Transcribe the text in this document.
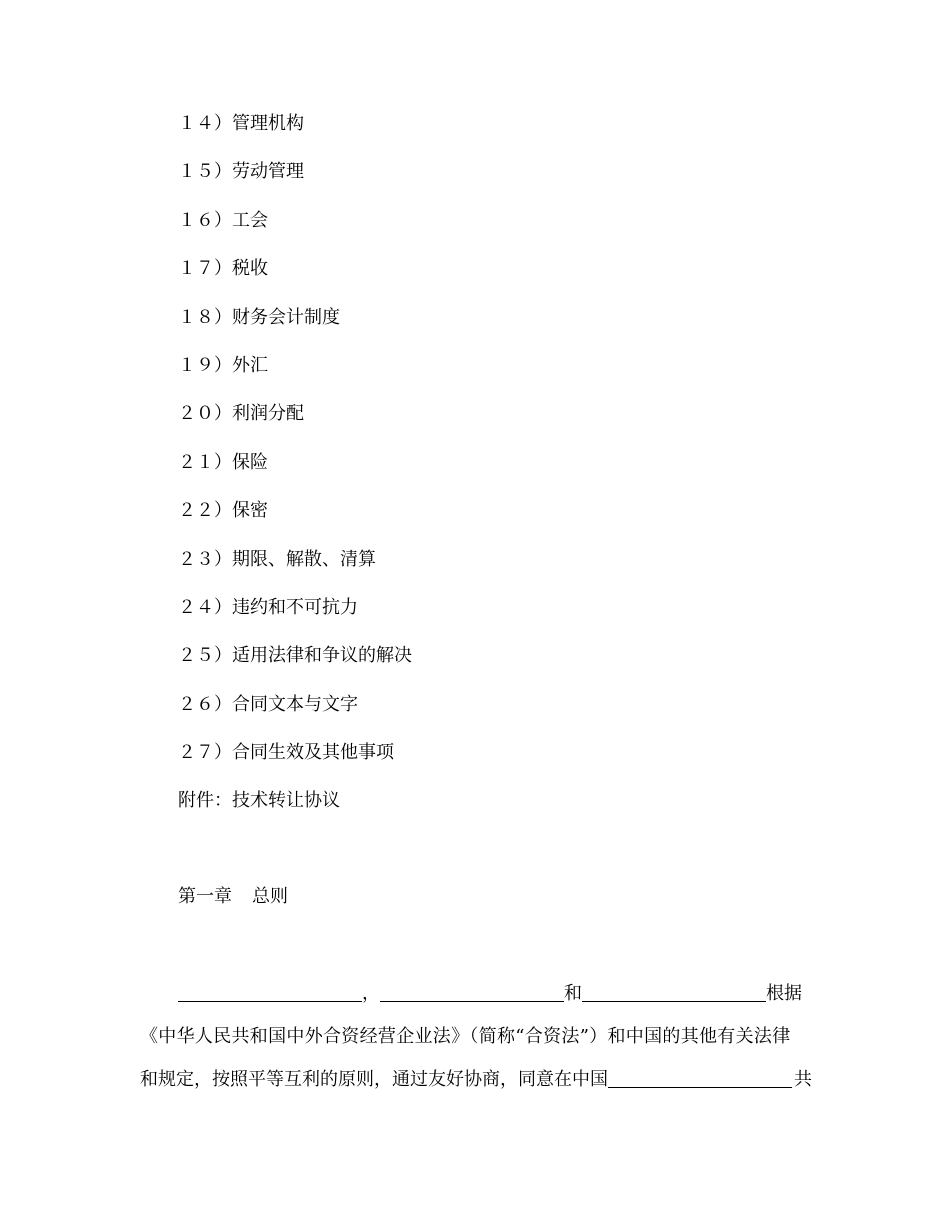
１４）管理机构
１５）劳动管理
１６）工会
１７）税收
１８）财务会计制度
１９）外汇
２０）利润分配
２１）保险
２２）保密
２３）期限、解散、清算
２４）违约和不可抗力
２５）适用法律和争议的解决
２６）合同文本与文字
２７）合同生效及其他事项
附件：技术转让协议
第一章 总则
，	和	根据
《中华人民共和国中外合资经营企业法》（简称“合资法”）和中国的其他有关法律
和规定，按照平等互利的原则，通过友好协商，同意在中国	共
